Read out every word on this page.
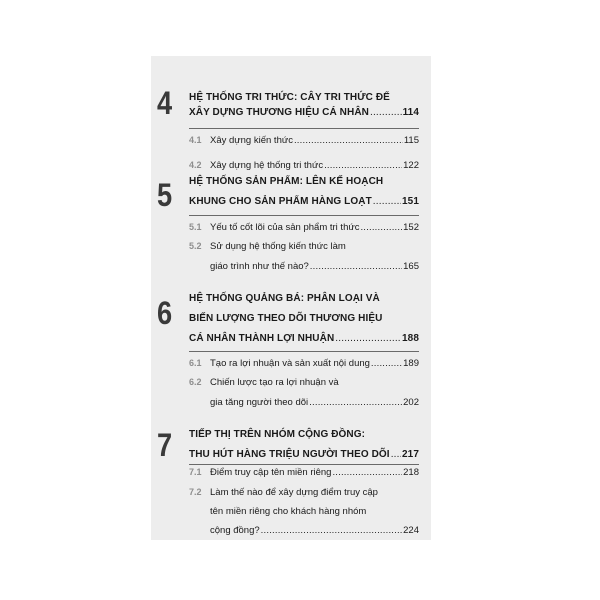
4	HỆ THỐNG TRI THỨC: CÂY TRI THỨC ĐỂ
XÂY DỰNG THƯƠNG HIỆU CÁ NHÂN .....	114
4.1 Xây dựng kiến thức .....	115
4.2 Xây dựng hệ thống tri thức .....	122
5	HỆ THỐNG SẢN PHẨM: LÊN KẾ HOẠCH
KHUNG CHO SẢN PHẨM HÀNG LOẠT .....	151
5.1 Yếu tố cốt lõi của sản phẩm tri thức .....	152
5.2 Sử dụng hệ thống kiến thức làm
giáo trình như thế nào? .....	165
6	HỆ THỐNG QUẢNG BÁ: PHÂN LOẠI VÀ
BIẾN LƯỢNG THEO DÕI THƯƠNG HIỆU
CÁ NHÂN THÀNH LỢI NHUẬN .....	188
6.1 Tạo ra lợi nhuận và sản xuất nội dung .....	189
6.2 Chiến lược tạo ra lợi nhuận và
gia tăng người theo dõi .....	202
7	TIẾP THỊ TRÊN NHÓM CỘNG ĐỒNG:
THU HÚT HÀNG TRIỆU NGƯỜI THEO DÕI ..... 217
7.1 Điểm truy cập tên miền riêng .....	218
7.2 Làm thế nào để xây dựng điểm truy cập
tên miền riêng cho khách hàng nhóm
cộng đồng? .....	224
